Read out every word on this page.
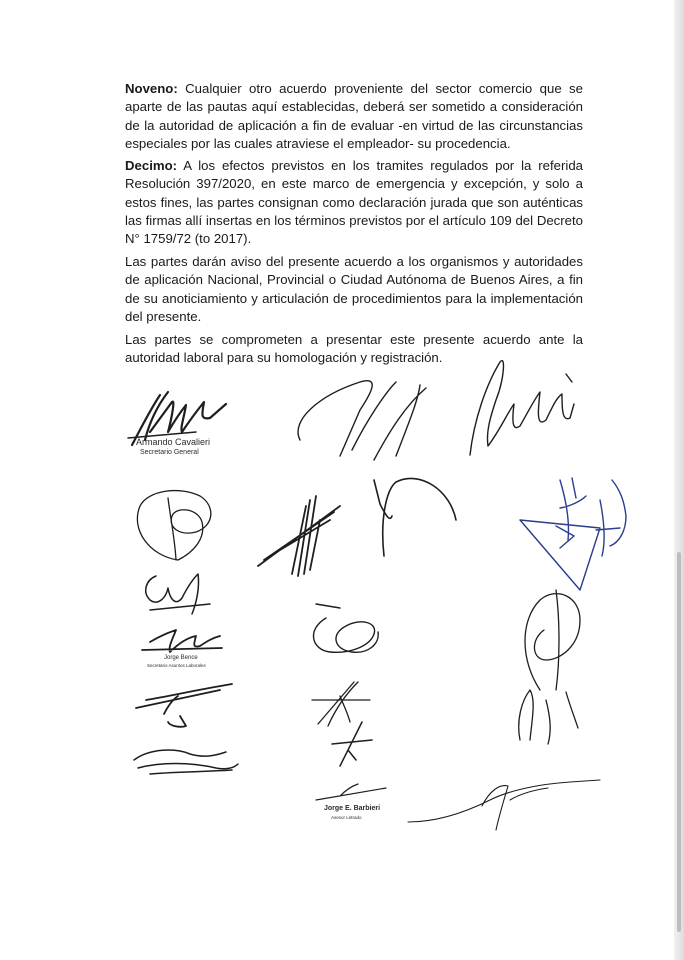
Noveno: Cualquier otro acuerdo proveniente del sector comercio que se aparte de las pautas aquí establecidas, deberá ser sometido a consideración de la autoridad de aplicación a fin de evaluar -en virtud de las circunstancias especiales por las cuales atraviese el empleador- su procedencia.
Decimo: A los efectos previstos en los tramites regulados por la referida Resolución 397/2020, en este marco de emergencia y excepción, y solo a estos fines, las partes consignan como declaración jurada que son auténticas las firmas allí insertas en los términos previstos por el artículo 109 del Decreto N° 1759/72 (to 2017).
Las partes darán aviso del presente acuerdo a los organismos y autoridades de aplicación Nacional, Provincial o Ciudad Autónoma de Buenos Aires, a fin de su anoticiamiento y articulación de procedimientos para la implementación del presente.
Las partes se comprometen a presentar este presente acuerdo ante la autoridad laboral para su homologación y registración.
Armando Cavalieri
Secretario General
Jorge Bence
Secretario Asuntos Laborales
Jorge E. Barbieri
Asesor Letrado
